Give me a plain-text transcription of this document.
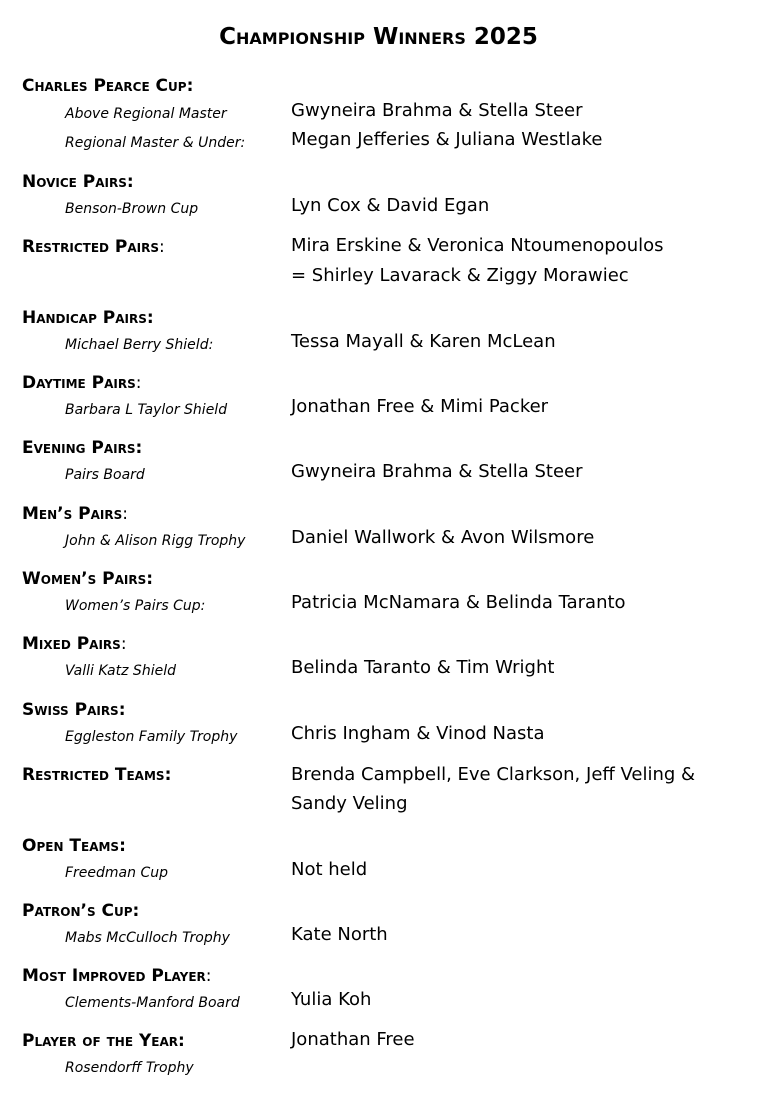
Championship Winners 2025
Charles Pearce Cup:
Above Regional Master	Gwyneira Brahma & Stella Steer
Regional Master & Under:	Megan Jefferies & Juliana Westlake
Novice Pairs:
Benson-Brown Cup	Lyn Cox & David Egan
Restricted Pairs:	Mira Erskine & Veronica Ntoumenopoulos
= Shirley Lavarack & Ziggy Morawiec
Handicap Pairs:
Michael Berry Shield:	Tessa Mayall & Karen McLean
Daytime Pairs:
Barbara L Taylor Shield	Jonathan Free & Mimi Packer
Evening Pairs:
Pairs Board	Gwyneira Brahma & Stella Steer
Men’s Pairs:
John & Alison Rigg Trophy	Daniel Wallwork & Avon Wilsmore
Women’s Pairs:
Women’s Pairs Cup:	Patricia McNamara & Belinda Taranto
Mixed Pairs:
Valli Katz Shield	Belinda Taranto & Tim Wright
Swiss Pairs:
Eggleston Family Trophy	Chris Ingham & Vinod Nasta
Restricted Teams:	Brenda Campbell, Eve Clarkson, Jeff Veling & Sandy Veling
Open Teams:
Freedman Cup	Not held
Patron’s Cup:
Mabs McCulloch Trophy	Kate North
Most Improved Player:
Clements-Manford Board	Yulia Koh
Player of the Year:	Jonathan Free
Rosendorff Trophy
